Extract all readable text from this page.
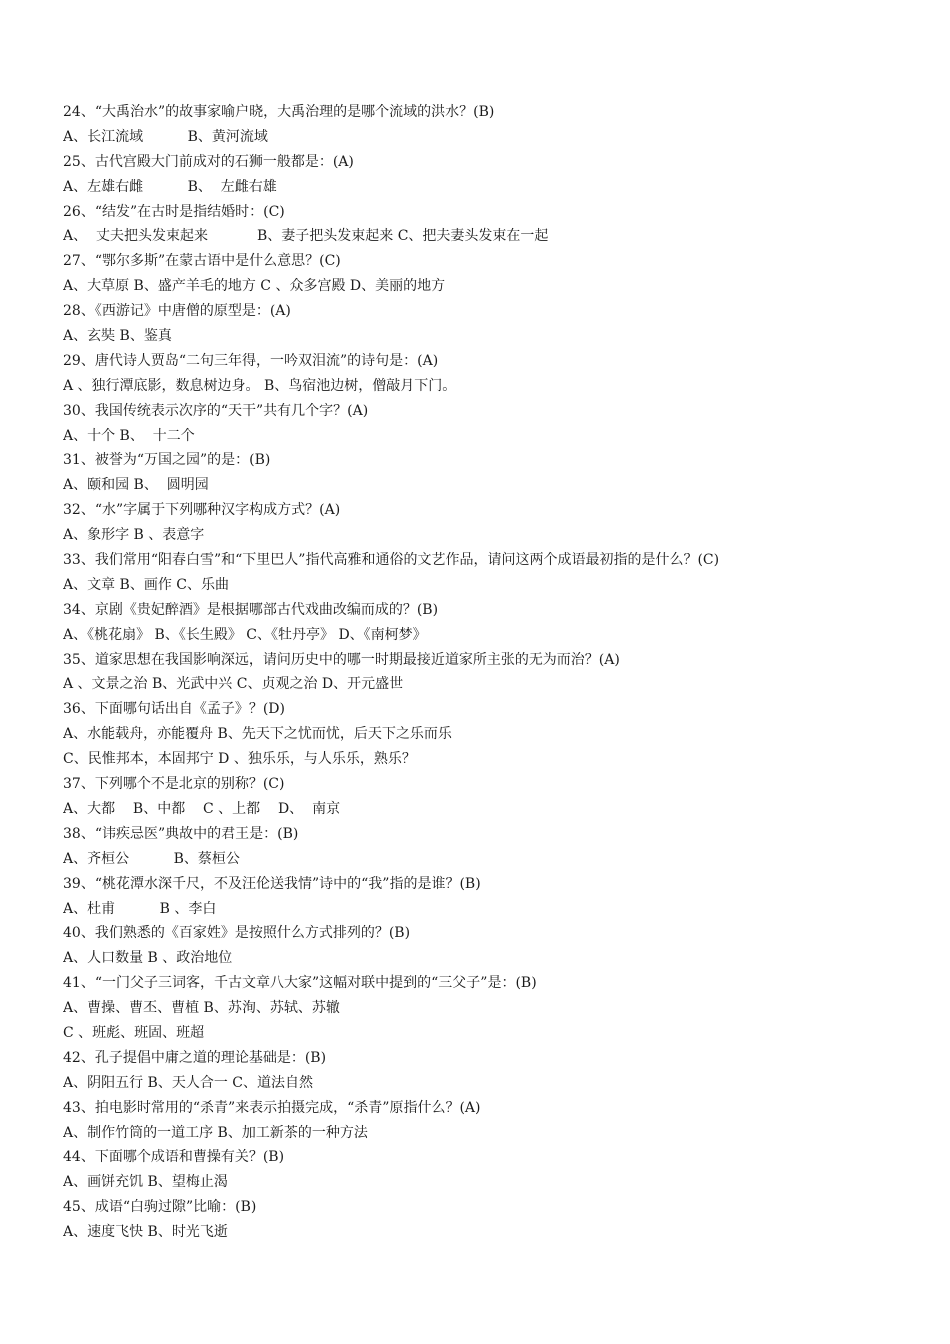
24、“大禹治水”的故事家喻户晓，大禹治理的是哪个流域的洪水？(B)
A、长江流域          B、黄河流域
25、古代宫殿大门前成对的石狮一般都是：(A)
A、左雄右雌          B、  左雌右雄
26、“结发”在古时是指结婚时：(C)
A、  丈夫把头发束起来           B、妻子把头发束起来 C、把夫妻头发束在一起
27、“鄂尔多斯”在蒙古语中是什么意思？(C)
A、大草原 B、盛产羊毛的地方 C 、众多宫殿 D、美丽的地方
28、《西游记》中唐僧的原型是：(A)
A、玄奘 B、鉴真
29、唐代诗人贾岛“二句三年得，一吟双泪流”的诗句是：(A)
A 、独行潭底影，数息树边身。 B、鸟宿池边树，僧敲月下门。
30、我国传统表示次序的“天干”共有几个字？(A)
A、十个 B、  十二个
31、被誉为“万国之园”的是：(B)
A、颐和园 B、  圆明园
32、“水”字属于下列哪种汉字构成方式？(A)
A、象形字 B 、表意字
33、我们常用“阳春白雪”和“下里巴人”指代高雅和通俗的文艺作品，请问这两个成语最初指的是什么？(C)
A、文章 B、画作 C、乐曲
34、京剧《贵妃醉酒》是根据哪部古代戏曲改编而成的？(B)
A、《桃花扇》 B、《长生殿》 C、《牡丹亭》 D、《南柯梦》
35、道家思想在我国影响深远，请问历史中的哪一时期最接近道家所主张的无为而治？(A)
A 、文景之治 B、光武中兴 C、贞观之治 D、开元盛世
36、下面哪句话出自《孟子》？(D)
A、水能载舟，亦能覆舟 B、先天下之忧而忧，后天下之乐而乐
C、民惟邦本，本固邦宁 D 、独乐乐，与人乐乐，熟乐？
37、下列哪个不是北京的别称？(C)
A、大都    B、中都    C 、上都    D、  南京
38、“讳疾忌医”典故中的君王是：(B)
A、齐桓公          B、蔡桓公
39、“桃花潭水深千尺，不及汪伦送我情”诗中的“我”指的是谁？(B)
A、杜甫          B 、李白
40、我们熟悉的《百家姓》是按照什么方式排列的？(B)
A、人口数量 B 、政治地位
41、“一门父子三词客，千古文章八大家”这幅对联中提到的“三父子”是：(B)
A、曹操、曹丕、曹植 B、苏洵、苏轼、苏辙
C 、班彪、班固、班超
42、孔子提倡中庸之道的理论基础是：(B)
A、阴阳五行 B、天人合一 C、道法自然
43、拍电影时常用的“杀青”来表示拍摄完成，“杀青”原指什么？(A)
A、制作竹筒的一道工序 B、加工新茶的一种方法
44、下面哪个成语和曹操有关？(B)
A、画饼充饥 B、望梅止渴
45、成语“白驹过隙”比喻：(B)
A、速度飞快 B、时光飞逝
